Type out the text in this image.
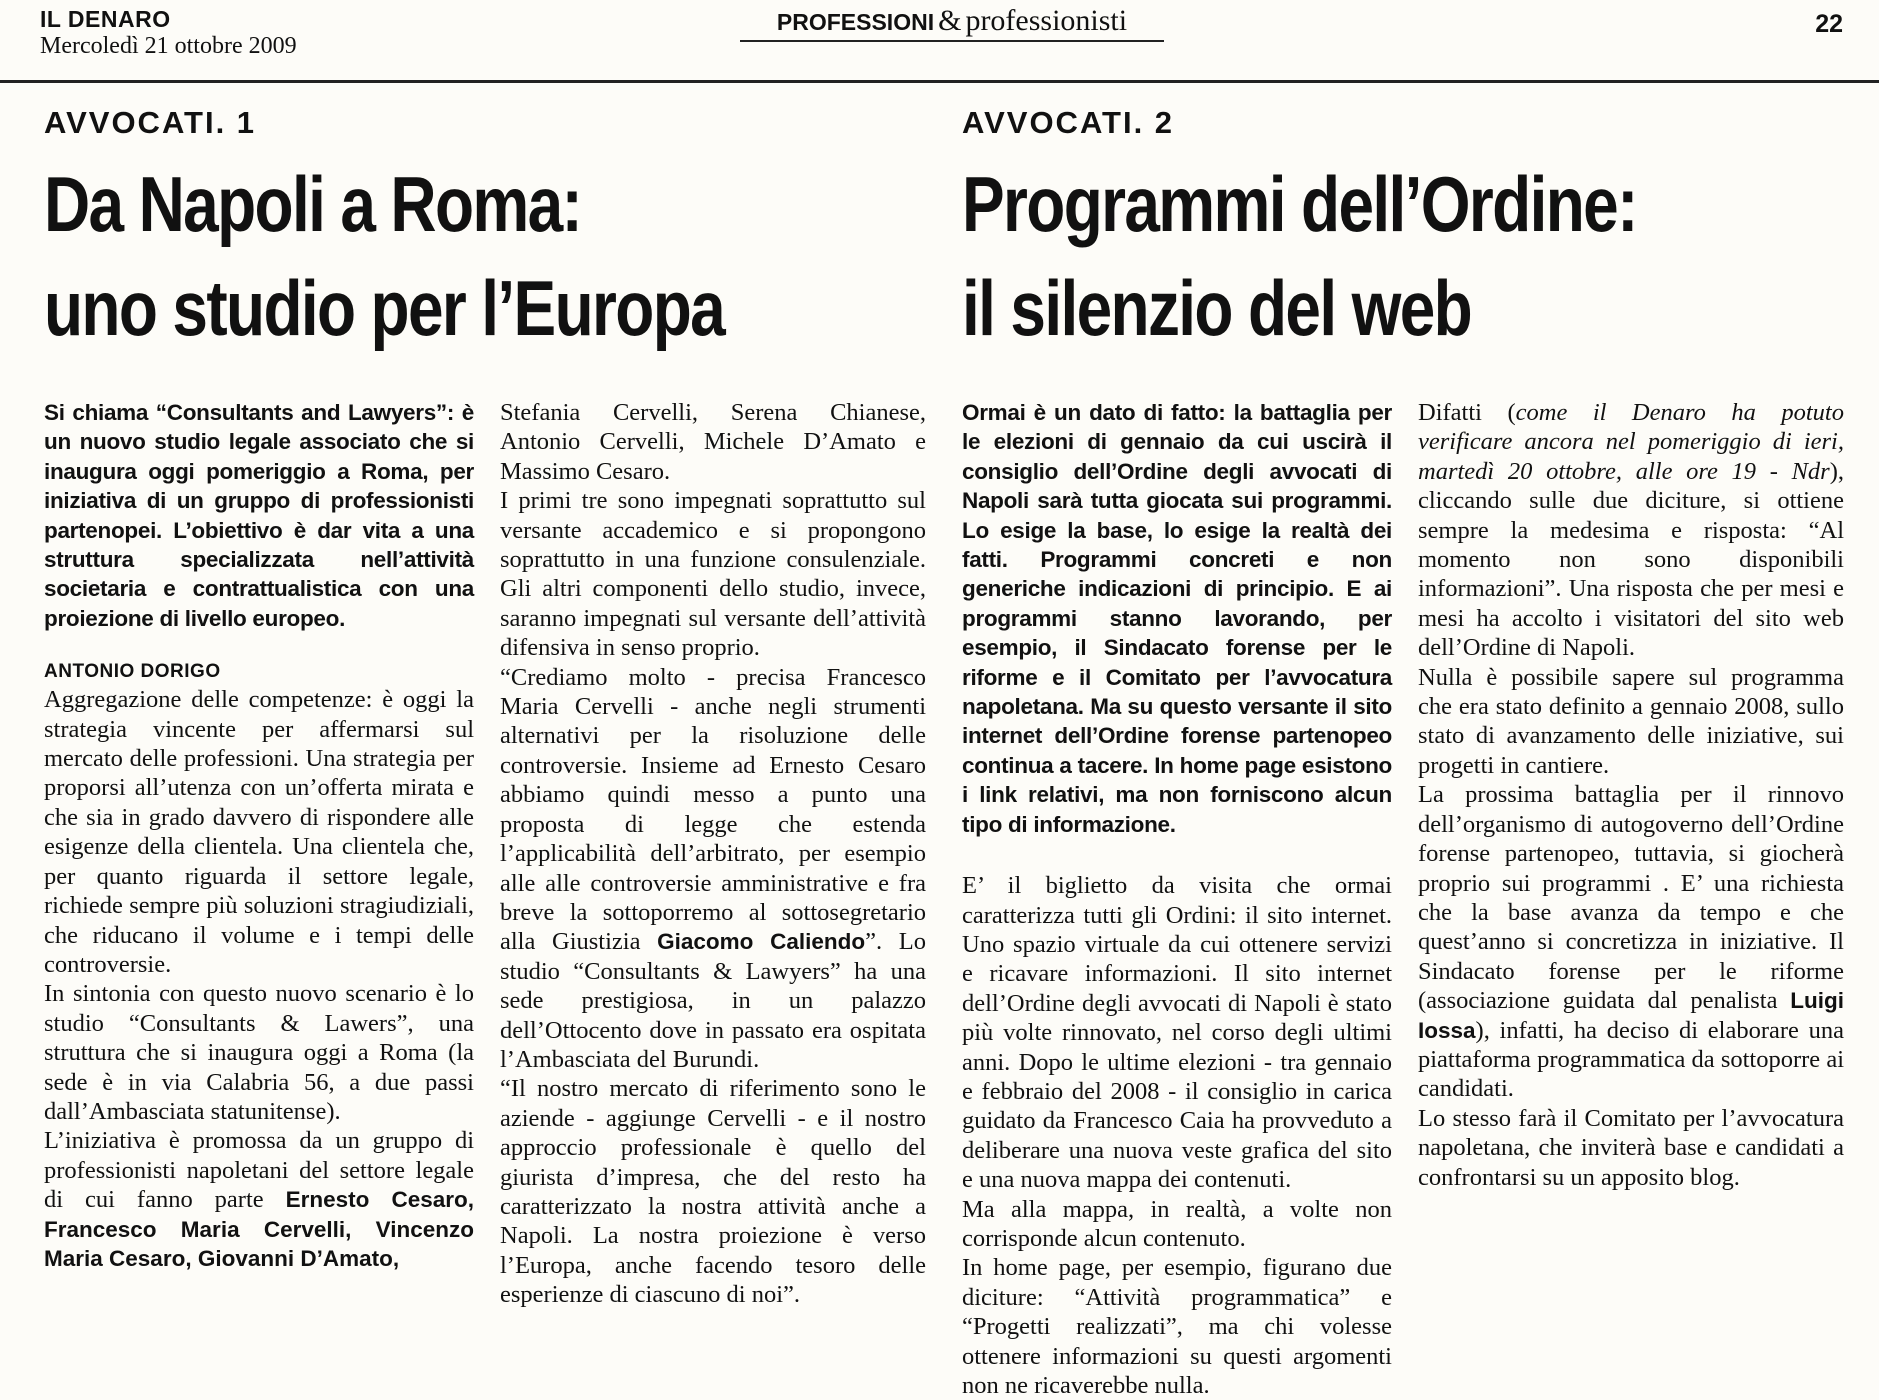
IL DENARO
Mercoledì 21 ottobre 2009
PROFESSIONI & professionisti	22
AVVOCATI. 1
Da Napoli a Roma:
uno studio per l’Europa

Si chiama “Consultants and Lawyers”: è un nuovo studio legale associato che si inaugura oggi pomeriggio a Roma, per iniziativa di un gruppo di professionisti partenopei. L’obiettivo è dar vita a una struttura specializzata nell’attività societaria e contrattualistica con una proiezione di livello europeo.

ANTONIO DORIGO

Aggregazione delle competenze: è oggi la strategia vincente per affermarsi sul mercato delle professioni. Una strategia per proporsi all’utenza con un’offerta mirata e che sia in grado davvero di rispondere alle esigenze della clientela. Una clientela che, per quanto riguarda il settore legale, richiede sempre più soluzioni stragiudiziali, che riducano il volume e i tempi delle controversie.

In sintonia con questo nuovo scenario è lo studio “Consultants & Lawers”, una struttura che si inaugura oggi a Roma (la sede è in via Calabria 56, a due passi dall’Ambasciata statunitense).

L’iniziativa è promossa da un gruppo di professionisti napoletani del settore legale di cui fanno parte Ernesto Cesaro, Francesco Maria Cervelli, Vincenzo Maria Cesaro, Giovanni D’Amato,

Stefania Cervelli, Serena Chianese, Antonio Cervelli, Michele D’Amato e Massimo Cesaro.

I primi tre sono impegnati soprattutto sul versante accademico e si propongono soprattutto in una funzione consulenziale. Gli altri componenti dello studio, invece, saranno impegnati sul versante dell’attività difensiva in senso proprio.

“Crediamo molto - precisa Francesco Maria Cervelli - anche negli strumenti alternativi per la risoluzione delle controversie. Insieme ad Ernesto Cesaro abbiamo quindi messo a punto una proposta di legge che estenda l’applicabilità dell’arbitrato, per esempio alle alle controversie amministrative e fra breve la sottoporremo al sottosegretario alla Giustizia Giacomo Caliendo”. Lo studio “Consultants & Lawyers” ha una sede prestigiosa, in un palazzo dell’Ottocento dove in passato era ospitata l’Ambasciata del Burundi.

“Il nostro mercato di riferimento sono le aziende - aggiunge Cervelli - e il nostro approccio professionale è quello del giurista d’impresa, che del resto ha caratterizzato la nostra attività anche a Napoli. La nostra proiezione è verso l’Europa, anche facendo tesoro delle esperienze di ciascuno di noi”.

AVVOCATI. 2
Programmi dell’Ordine:
il silenzio del web

Ormai è un dato di fatto: la battaglia per le elezioni di gennaio da cui uscirà il consiglio dell’Ordine degli avvocati di Napoli sarà tutta giocata sui programmi. Lo esige la base, lo esige la realtà dei fatti. Programmi concreti e non generiche indicazioni di principio. E ai programmi stanno lavorando, per esempio, il Sindacato forense per le riforme e il Comitato per l’avvocatura napoletana. Ma su questo versante il sito internet dell’Ordine forense partenopeo continua a tacere. In home page esistono i link relativi, ma non forniscono alcun tipo di informazione.

E’ il biglietto da visita che ormai caratterizza tutti gli Ordini: il sito internet. Uno spazio virtuale da cui ottenere servizi e ricavare informazioni. Il sito internet dell’Ordine degli avvocati di Napoli è stato più volte rinnovato, nel corso degli ultimi anni. Dopo le ultime elezioni - tra gennaio e febbraio del 2008 - il consiglio in carica guidato da Francesco Caia ha provveduto a deliberare una nuova veste grafica del sito e una nuova mappa dei contenuti.

Ma alla mappa, in realtà, a volte non corrisponde alcun contenuto.

In home page, per esempio, figurano due diciture: “Attività programmatica” e “Progetti realizzati”, ma chi volesse ottenere informazioni su questi argomenti non ne ricaverebbe nulla.

Difatti (come il Denaro ha potuto verificare ancora nel pomeriggio di ieri, martedì 20 ottobre, alle ore 19 - Ndr), cliccando sulle due diciture, si ottiene sempre la medesima e risposta: “Al momento non sono disponibili informazioni”. Una risposta che per mesi e mesi ha accolto i visitatori del sito web dell’Ordine di Napoli.

Nulla è possibile sapere sul programma che era stato definito a gennaio 2008, sullo stato di avanzamento delle iniziative, sui progetti in cantiere.

La prossima battaglia per il rinnovo dell’organismo di autogoverno dell’Ordine forense partenopeo, tuttavia, si giocherà proprio sui programmi . E’ una richiesta che la base avanza da tempo e che quest’anno si concretizza in iniziative. Il Sindacato forense per le riforme (associazione guidata dal penalista Luigi Iossa), infatti, ha deciso di elaborare una piattaforma programmatica da sottoporre ai candidati.

Lo stesso farà il Comitato per l’avvocatura napoletana, che inviterà base e candidati a confrontarsi su un apposito blog.
